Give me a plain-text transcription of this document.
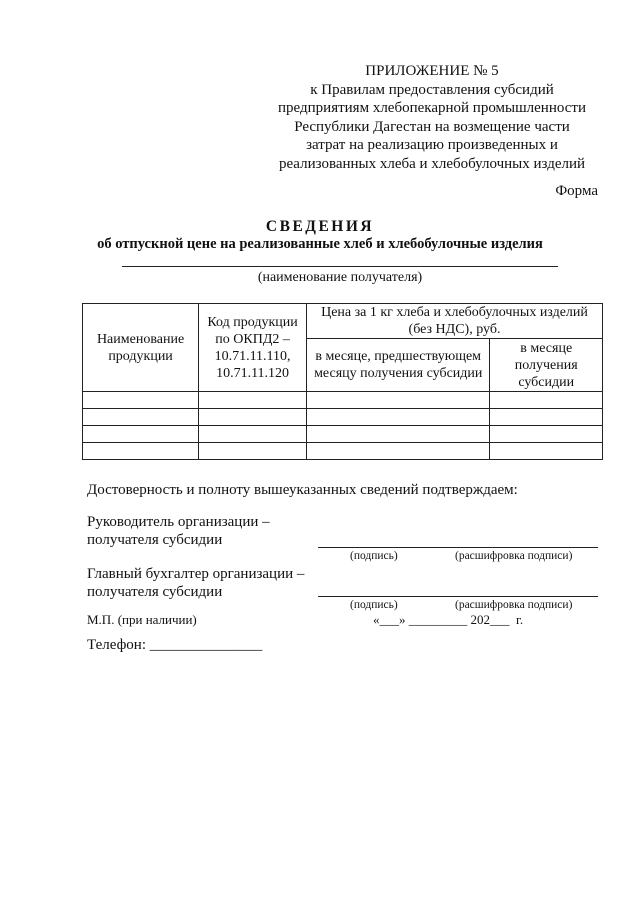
ПРИЛОЖЕНИЕ № 5
к Правилам предоставления субсидий
предприятиям хлебопекарной промышленности
Республики Дагестан на возмещение части
затрат на реализацию произведенных и
реализованных хлеба и хлебобулочных изделий
Форма
СВЕДЕНИЯ
об отпускной цене на реализованные хлеб и хлебобулочные изделия
(наименование получателя)
Наименование продукции	Код продукции по ОКПД2 – 10.71.11.110, 10.71.11.120	Цена за 1 кг хлеба и хлебобулочных изделий (без НДС), руб.	
		в месяце, предшествующем месяцу получения субсидии	в месяце получения субсидии

Достоверность и полноту вышеуказанных сведений подтверждаем:
Руководитель организации –
получателя субсидии
(подпись)	(расшифровка подписи)
Главный бухгалтер организации –
получателя субсидии
(подпись)	(расшифровка подписи)
М.П. (при наличии)	«___» _________ 202___  г.
Телефон: _______________
